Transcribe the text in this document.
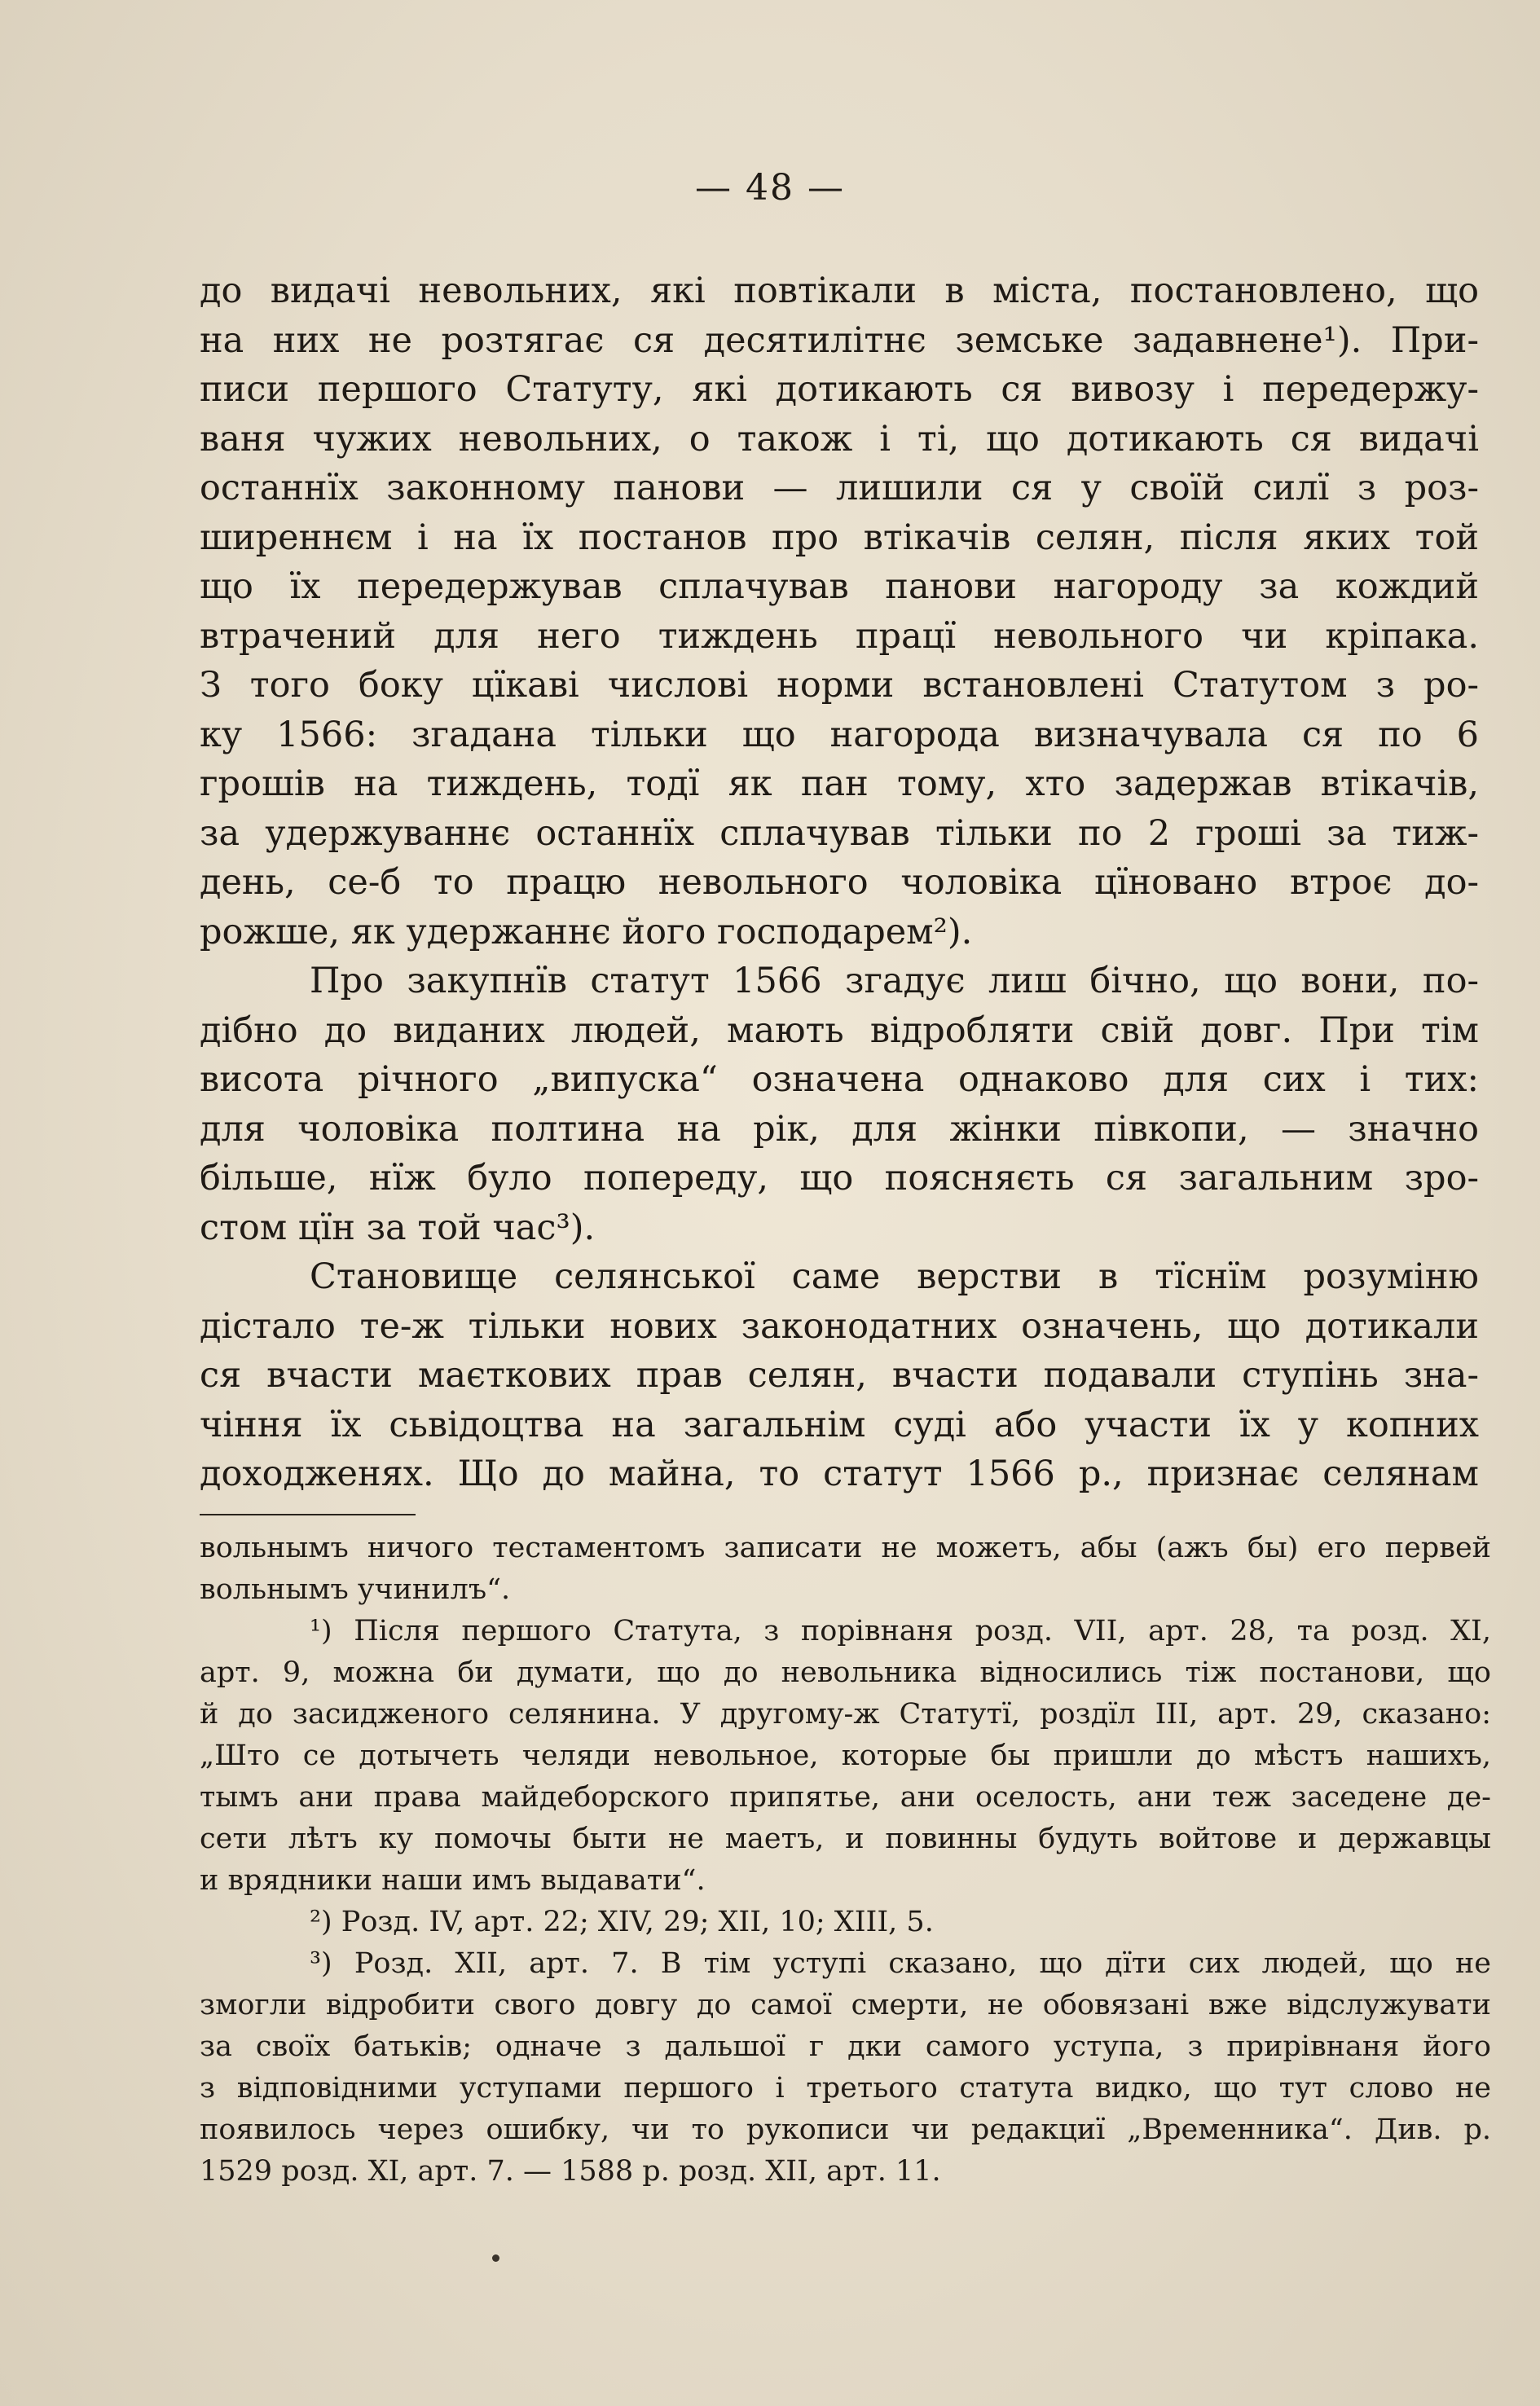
— 48 —
до видачі невольних, які повтікали в міста, постановлено, що
на них не розтягає ся десятилітнє земське задавнене¹). При-
писи першого Статуту, які дотикають ся вивозу і передержу-
ваня чужих невольних, о також і ті, що дотикають ся видачі
останнїх законному панови — лишили ся у своїй силї з роз-
ширеннєм і на їх постанов про втікачів селян, після яких той
що їх передержував сплачував панови нагороду за кождий
втрачений для него тиждень працї невольного чи кріпака.
З того боку цїкаві числові норми встановлені Статутом з ро-
ку 1566: згадана тільки що нагорода визначувала ся по 6
грошів на тиждень, тодї як пан тому, хто задержав втікачів,
за удержуваннє останнїх сплачував тільки по 2 гроші за тиж-
день, се-б то працю невольного чоловіка цїновано втроє до-
рожше, як удержаннє його господарем²).
Про закупнїв статут 1566 згадує лиш бічно, що вони, по-
дібно до виданих людей, мають відробляти свій довг. При тім
висота річного „випуска“ означена однаково для сих і тих:
для чоловіка полтина на рік, для жінки півкопи, — значно
більше, нїж було попереду, що поясняєть ся загальним зро-
стом цїн за той час³).
Становище селянської саме верстви в тїснїм розуміню
дістало те-ж тільки нових законодатних означень, що дотикали
ся вчасти маєткових прав селян, вчасти подавали ступінь зна-
чіння їх сьвідоцтва на загальнім суді або участи їх у копних
доходженях. Що до майна, то статут 1566 р., признає селянам
вольнымъ ничого тестаментомъ записати не можетъ, абы (ажъ бы) его первей
вольнымъ учинилъ“.
¹) Після першого Статута, з порівнаня розд. VII, арт. 28, та розд. XI,
арт. 9, можна би думати, що до невольника відносились тіж постанови, що
й до засидженого селянина. У другому-ж Статутї, роздїл III, арт. 29, сказано:
„Што се дотычеть челяди невольное, которые бы пришли до мѣстъ нашихъ,
тымъ ани права майдеборского припятье, ани оселость, ани теж заседене де-
сети лѣтъ ку помочы быти не маетъ, и повинны будуть войтове и державцы
и врядники наши имъ выдавати“.
²) Розд. IV, арт. 22; XIV, 29; XII, 10; XIII, 5.
³) Розд. XII, арт. 7. В тім уступі сказано, що дїти сих людей, що не
змогли відробити свого довгу до самої смерти, не обовязані вже відслужувати
за своїх батьків; одначе з дальшої г дки самого уступа, з прирівнаня його
з відповідними уступами першого і третього статута видко, що тут слово не
появилось через ошибку, чи то рукописи чи редакциї „Временника“. Див. р.
1529 розд. XI, арт. 7. — 1588 р. розд. XII, арт. 11.
